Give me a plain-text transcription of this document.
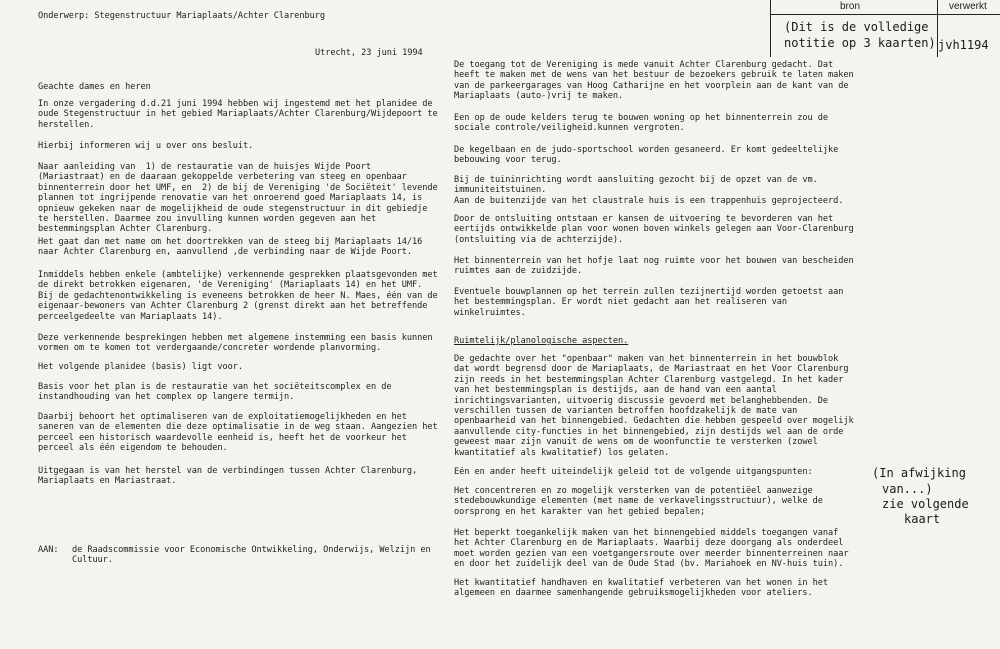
bron	verwerkt
(Dit is de volledige
notitie op 3 kaarten) jvh1194
(In afwijking
van...)
zie volgende
kaart
Onderwerp: Stegenstructuur Mariaplaats/Achter Clarenburg
Utrecht, 23 juni 1994
Geachte dames en heren
In onze vergadering d.d.21 juni 1994 hebben wij ingestemd met het planidee de
oude Stegenstructuur in het gebied Mariaplaats/Achter Clarenburg/Wijdepoort te
herstellen.
Hierbij informeren wij u over ons besluit.
Naar aanleiding van  1) de restauratie van de huisjes Wijde Poort
(Mariastraat) en de daaraan gekoppelde verbetering van steeg en openbaar
binnenterrein door het UMF, en  2) de bij de Vereniging 'de Sociëteit' levende
plannen tot ingrijpende renovatie van het onroerend goed Mariaplaats 14, is
opnieuw gekeken naar de mogelijkheid de oude stegenstructuur in dit gebiedje
te herstellen. Daarmee zou invulling kunnen worden gegeven aan het
bestemmingsplan Achter Clarenburg.
Het gaat dan met name om het doortrekken van de steeg bij Mariaplaats 14/16
naar Achter Clarenburg en, aanvullend ,de verbinding naar de Wijde Poort.
Inmiddels hebben enkele (ambtelijke) verkennende gesprekken plaatsgevonden met
de direkt betrokken eigenaren, 'de Vereniging' (Mariaplaats 14) en het UMF.
Bij de gedachtenontwikkeling is eveneens betrokken de heer N. Maes, één van de
eigenaar-bewoners van Achter Clarenburg 2 (grenst direkt aan het betreffende
perceelgedeelte van Mariaplaats 14).
Deze verkennende besprekingen hebben met algemene instemming een basis kunnen
vormen om te komen tot verdergaande/concreter wordende planvorming.
Het volgende planidee (basis) ligt voor.
Basis voor het plan is de restauratie van het sociëteitscomplex en de
instandhouding van het complex op langere termijn.
Daarbij behoort het optimaliseren van de exploitatiemogelijkheden en het
saneren van de elementen die deze optimalisatie in de weg staan. Aangezien het
perceel een historisch waardevolle eenheid is, heeft het de voorkeur het
perceel als één eigendom te behouden.
Uitgegaan is van het herstel van de verbindingen tussen Achter Clarenburg,
Mariaplaats en Mariastraat.
AAN: de Raadscommissie voor Economische Ontwikkeling, Onderwijs, Welzijn en
Cultuur.
De toegang tot de Vereniging is mede vanuit Achter Clarenburg gedacht. Dat
heeft te maken met de wens van het bestuur de bezoekers gebruik te laten maken
van de parkeergarages van Hoog Catharijne en het voorplein aan de kant van de
Mariaplaats (auto-)vrij te maken.
Een op de oude kelders terug te bouwen woning op het binnenterrein zou de
sociale controle/veiligheid.kunnen vergroten.
De kegelbaan en de judo-sportschool worden gesaneerd. Er komt gedeeltelijke
bebouwing voor terug.
Bij de tuininrichting wordt aansluiting gezocht bij de opzet van de vm.
immuniteitstuinen.
Aan de buitenzijde van het claustrale huis is een trappenhuis geprojecteerd.
Door de ontsluiting ontstaan er kansen de uitvoering te bevorderen van het
eertijds ontwikkelde plan voor wonen boven winkels gelegen aan Voor-Clarenburg
(ontsluiting via de achterzijde).
Het binnenterrein van het hofje laat nog ruimte voor het bouwen van bescheiden
ruimtes aan de zuidzijde.
Eventuele bouwplannen op het terrein zullen tezijnertijd worden getoetst aan
het bestemmingsplan. Er wordt niet gedacht aan het realiseren van
winkelruimtes.
Ruimtelijk/planologische aspecten.
De gedachte over het "openbaar" maken van het binnenterrein in het bouwblok
dat wordt begrensd door de Mariaplaats, de Mariastraat en het Voor Clarenburg
zijn reeds in het bestemmingsplan Achter Clarenburg vastgelegd. In het kader
van het bestemmingsplan is destijds, aan de hand van een aantal
inrichtingsvarianten, uitvoerig discussie gevoerd met belanghebbenden. De
verschillen tussen de varianten betroffen hoofdzakelijk de mate van
openbaarheid van het binnengebied. Gedachten die hebben gespeeld over mogelijk
aanvullende city-functies in het binnengebied, zijn destijds wel aan de orde
geweest maar zijn vanuit de wens om de woonfunctie te versterken (zowel
kwantitatief als kwalitatief) los gelaten.
Eén en ander heeft uiteindelijk geleid tot de volgende uitgangspunten:
Het concentreren en zo mogelijk versterken van de potentiëel aanwezige
stedebouwkundige elementen (met name de verkavelingsstructuur), welke de
oorsprong en het karakter van het gebied bepalen;
Het beperkt toegankelijk maken van het binnengebied middels toegangen vanaf
het Achter Clarenburg en de Mariaplaats. Waarbij deze doorgang als onderdeel
moet worden gezien van een voetgangersroute over meerder binnenterreinen naar
en door het zuidelijk deel van de Oude Stad (bv. Mariahoek en NV-huis tuin).
Het kwantitatief handhaven en kwalitatief verbeteren van het wonen in het
algemeen en daarmee samenhangende gebruiksmogelijkheden voor ateliers.
